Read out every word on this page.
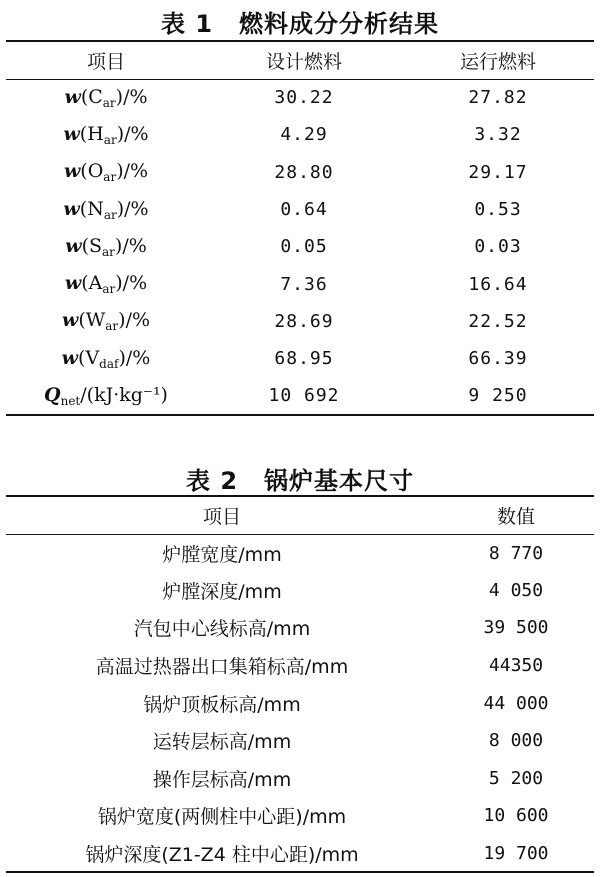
表 1 燃料成分分析结果
项目	设计燃料	运行燃料
$w(C_{ar})/\%$	30.22	27.82
$w(H_{ar})/\%$	4.29	3.32
$w(O_{ar})/\%$	28.80	29.17
$w(N_{ar})/\%$	0.64	0.53
$w(S_{ar})/\%$	0.05	0.03
$w(A_{ar})/\%$	7.36	16.64
$w(W_{ar})/\%$	28.69	22.52
$w(V_{daf})/\%$	68.95	66.39
$Q_{net}/(kJ\cdot kg^{-1})$	10 692	9 250
表 2 锅炉基本尺寸
项目	数值
炉膛宽度/mm	8 770
炉膛深度/mm	4 050
汽包中心线标高/mm	39 500
高温过热器出口集箱标高/mm	44350
锅炉顶板标高/mm	44 000
运转层标高/mm	8 000
操作层标高/mm	5 200
锅炉宽度(两侧柱中心距)/mm	10 600
锅炉深度(Z1-Z4 柱中心距)/mm	19 700
